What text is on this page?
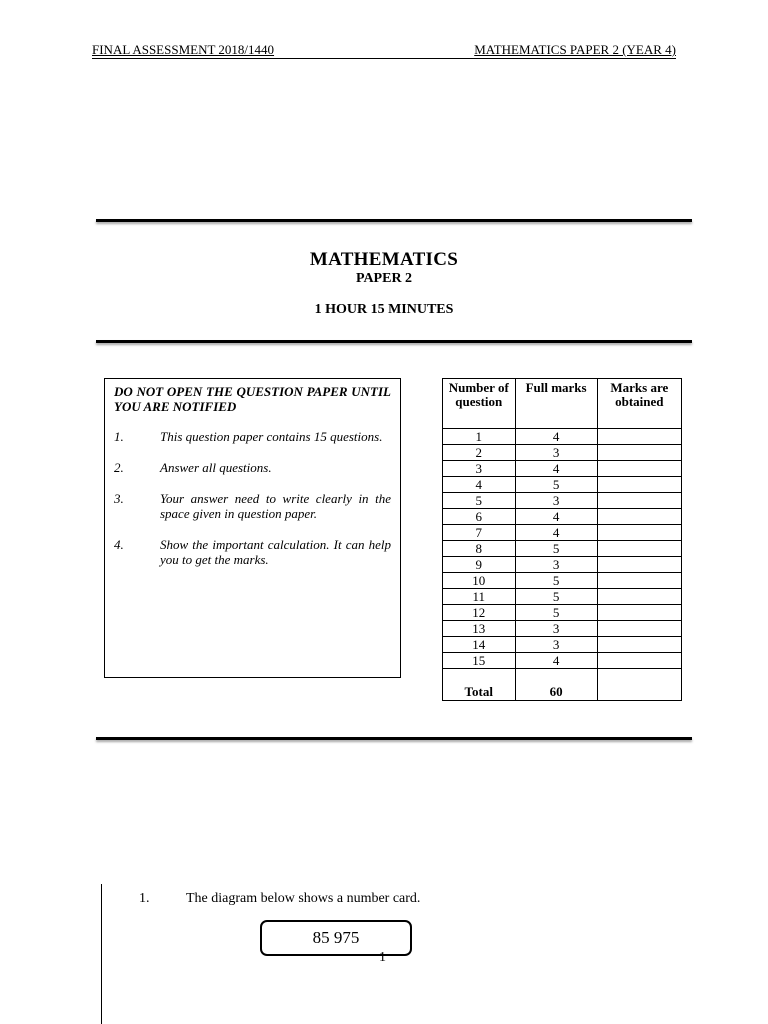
FINAL ASSESSMENT 2018/1440	MATHEMATICS PAPER 2 (YEAR 4)
MATHEMATICS
PAPER 2
1 HOUR 15 MINUTES
DO NOT OPEN THE QUESTION PAPER UNTIL YOU ARE NOTIFIED
1.	This question paper contains 15 questions.
2.	Answer all questions.
3.	Your answer need to write clearly in the space given in question paper.
4.	Show the important calculation. It can help you to get the marks.
Number of question	Full marks	Marks are obtained
1	4	
2	3	
3	4	
4	5	
5	3	
6	4	
7	4	
8	5	
9	3	
10	5	
11	5	
12	5	
13	3	
14	3	
15	4	
Total	60	
1.	The diagram below shows a number card.
85 975
1
